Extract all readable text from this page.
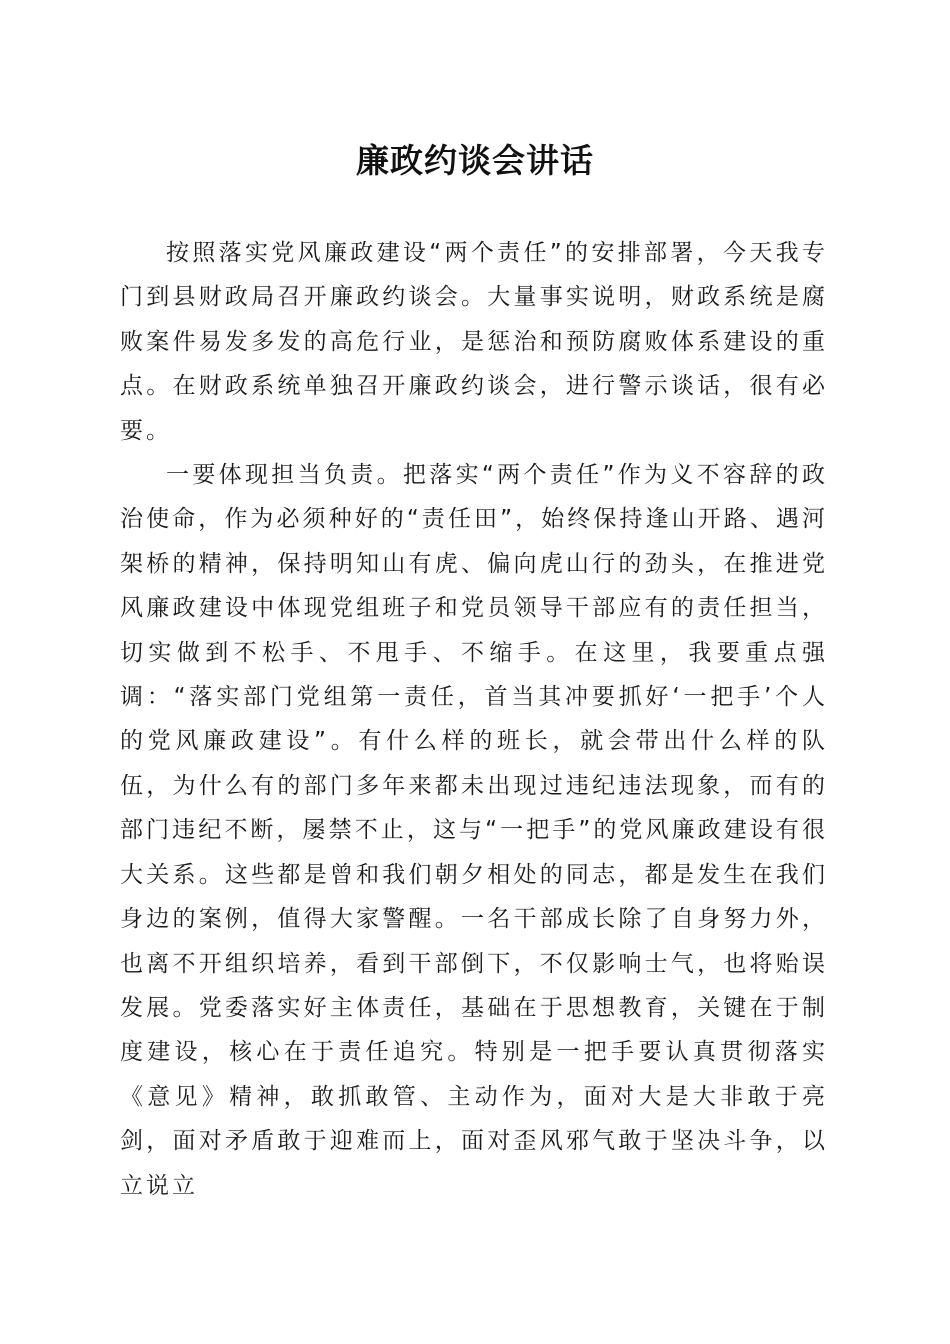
廉政约谈会讲话

按照落实党风廉政建设“两个责任”的安排部署，今天我专门到县财政局召开廉政约谈会。大量事实说明，财政系统是腐败案件易发多发的高危行业，是惩治和预防腐败体系建设的重点。在财政系统单独召开廉政约谈会，进行警示谈话，很有必要。

一要体现担当负责。把落实“两个责任”作为义不容辞的政治使命，作为必须种好的“责任田”，始终保持逢山开路、遇河架桥的精神，保持明知山有虎、偏向虎山行的劲头，在推进党风廉政建设中体现党组班子和党员领导干部应有的责任担当，切实做到不松手、不甩手、不缩手。在这里，我要重点强调：“落实部门党组第一责任，首当其冲要抓好‘一把手’个人的党风廉政建设”。有什么样的班长，就会带出什么样的队伍，为什么有的部门多年来都未出现过违纪违法现象，而有的部门违纪不断，屡禁不止，这与“一把手”的党风廉政建设有很大关系。这些都是曾和我们朝夕相处的同志，都是发生在我们身边的案例，值得大家警醒。一名干部成长除了自身努力外，也离不开组织培养，看到干部倒下，不仅影响士气，也将贻误发展。党委落实好主体责任，基础在于思想教育，关键在于制度建设，核心在于责任追究。特别是一把手要认真贯彻落实《意见》精神，敢抓敢管、主动作为，面对大是大非敢于亮剑，面对矛盾敢于迎难而上，面对歪风邪气敢于坚决斗争，以立说立
